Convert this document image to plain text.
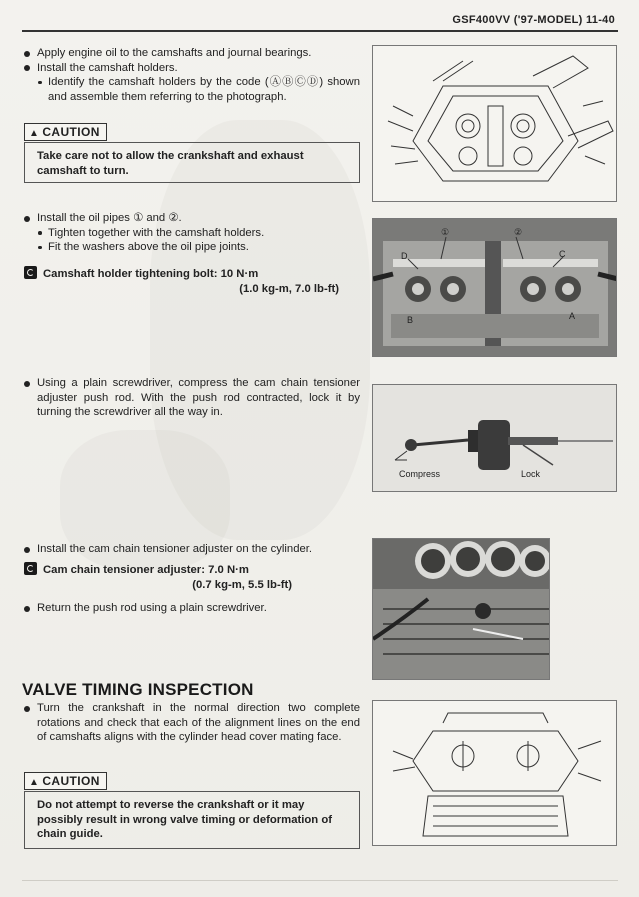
GSF400VV ('97-MODEL) 11-40
Apply engine oil to the camshafts and journal bearings.
Install the camshaft holders.
Identify the camshaft holders by the code (ⒶⒷⒸⒹ) shown and assemble them referring to the photograph.
▲ CAUTION
Take care not to allow the crankshaft and exhaust camshaft to turn.
Install the oil pipes ① and ②.
Tighten together with the camshaft holders.
Fit the washers above the oil pipe joints.
Camshaft holder tightening bolt: 10 N·m
(1.0 kg-m, 7.0 lb-ft)
Using a plain screwdriver, compress the cam chain tensioner adjuster push rod. With the push rod contracted, lock it by turning the screwdriver all the way in.
Install the cam chain tensioner adjuster on the cylinder.
Cam chain tensioner adjuster: 7.0 N·m
(0.7 kg-m, 5.5 lb-ft)
Return the push rod using a plain screwdriver.
VALVE TIMING INSPECTION
Turn the crankshaft in the normal direction two complete rotations and check that each of the alignment lines on the end of camshafts aligns with the cylinder head cover mating face.
▲ CAUTION
Do not attempt to reverse the crankshaft or it may possibly result in wrong valve timing or deformation of chain guide.
①	②
D	C
B	A
Compress	Lock
